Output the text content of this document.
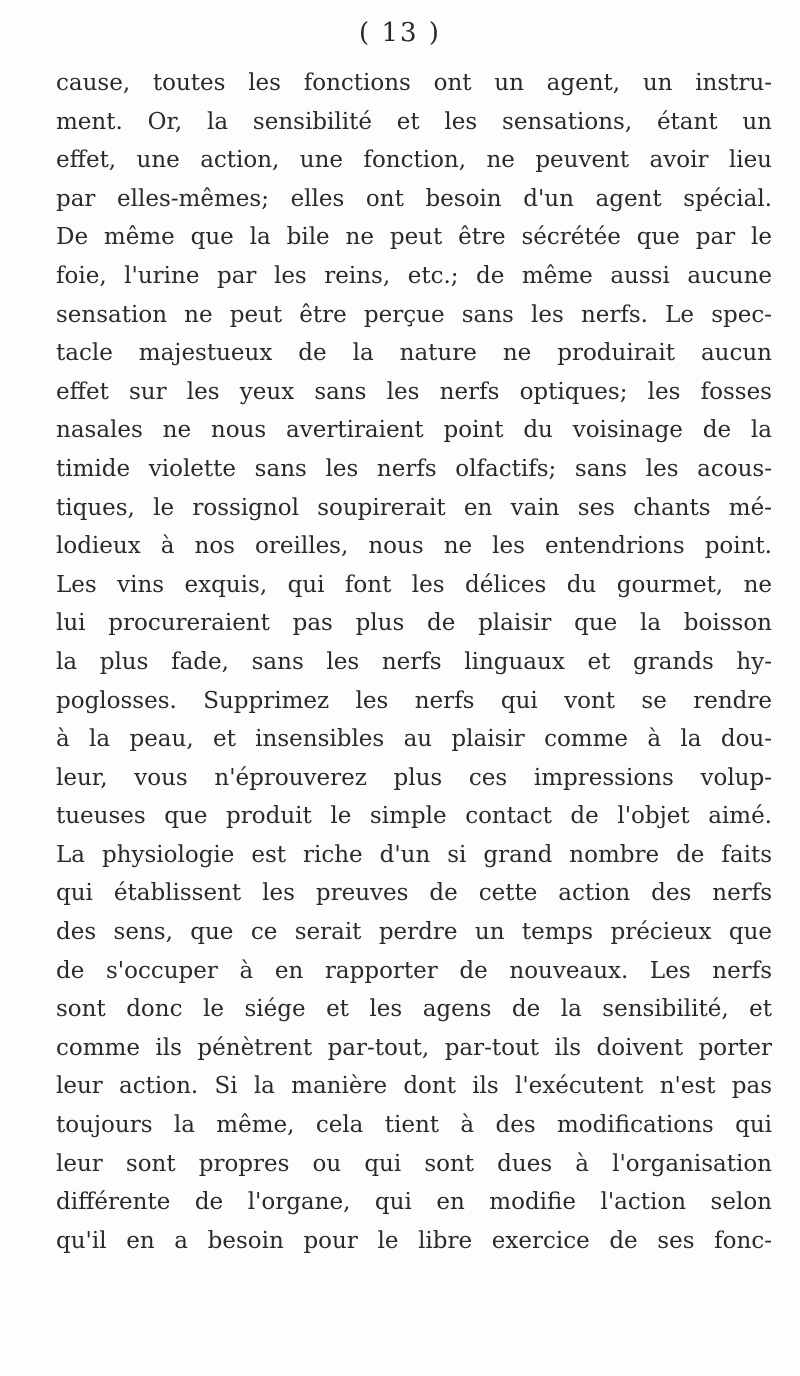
( 13 )
cause, toutes les fonctions ont un agent, un instru-
ment. Or, la sensibilité et les sensations, étant un
effet, une action, une fonction, ne peuvent avoir lieu
par elles-mêmes; elles ont besoin d'un agent spécial.
De même que la bile ne peut être sécrétée que par le
foie, l'urine par les reins, etc.; de même aussi aucune
sensation ne peut être perçue sans les nerfs. Le spec-
tacle majestueux de la nature ne produirait aucun
effet sur les yeux sans les nerfs optiques; les fosses
nasales ne nous avertiraient point du voisinage de la
timide violette sans les nerfs olfactifs; sans les acous-
tiques, le rossignol soupirerait en vain ses chants mé-
lodieux à nos oreilles, nous ne les entendrions point.
Les vins exquis, qui font les délices du gourmet, ne
lui procureraient pas plus de plaisir que la boisson
la plus fade, sans les nerfs linguaux et grands hy-
poglosses. Supprimez les nerfs qui vont se rendre
à la peau, et insensibles au plaisir comme à la dou-
leur, vous n'éprouverez plus ces impressions volup-
tueuses que produit le simple contact de l'objet aimé.
La physiologie est riche d'un si grand nombre de faits
qui établissent les preuves de cette action des nerfs
des sens, que ce serait perdre un temps précieux que
de s'occuper à en rapporter de nouveaux. Les nerfs
sont donc le siége et les agens de la sensibilité, et
comme ils pénètrent par-tout, par-tout ils doivent porter
leur action. Si la manière dont ils l'exécutent n'est pas
toujours la même, cela tient à des modifications qui
leur sont propres ou qui sont dues à l'organisation
différente de l'organe, qui en modifie l'action selon
qu'il en a besoin pour le libre exercice de ses fonc-
